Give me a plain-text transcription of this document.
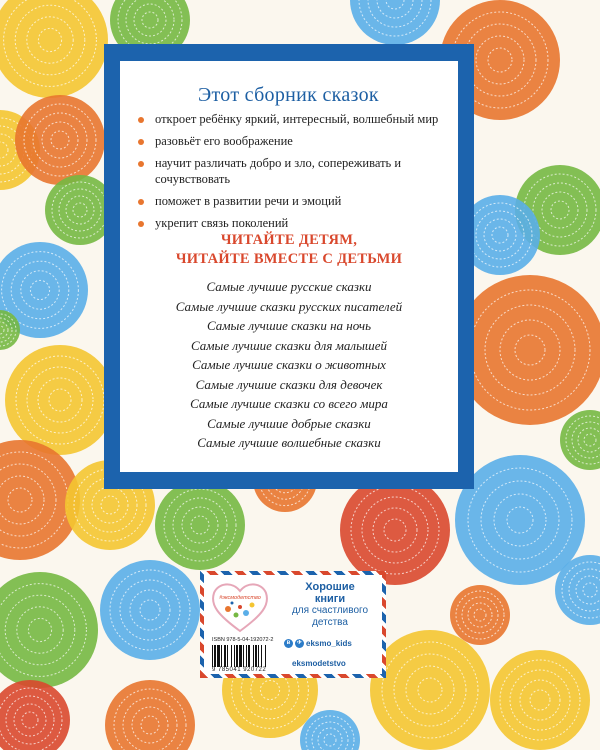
Этот сборник сказок
откроет ребёнку яркий, интересный, волшебный мир
разовьёт его воображение
научит различать добро и зло, сопереживать и сочувствовать
поможет в развитии речи и эмоций
укрепит связь поколений
ЧИТАЙТЕ ДЕТЯМ,
ЧИТАЙТЕ ВМЕСТЕ С ДЕТЬМИ
Самые лучшие русские сказки
Самые лучшие сказки русских писателей
Самые лучшие сказки на ночь
Самые лучшие сказки для малышей
Самые лучшие сказки о животных
Самые лучшие сказки для девочек
Самые лучшие сказки со всего мира
Самые лучшие добрые сказки
Самые лучшие волшебные сказки
#эксмодетство
Хорошие
книги

для счастливого
детства
ISBN 978-5-04-192072-2
9 785041 920722
в ✈ eksmo_kids
eksmodetstvo
